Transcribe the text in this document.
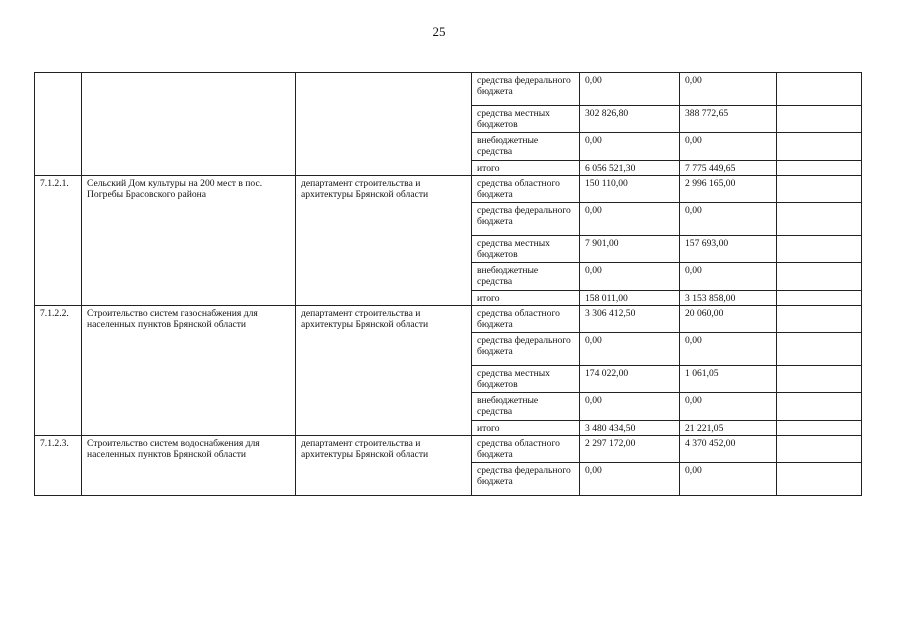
25
			средства федерального бюджета	0,00	0,00	
			средства местных бюджетов	302 826,80	388 772,65	
			внебюджетные средства	0,00	0,00	
			итого	6 056 521,30	7 775 449,65	
7.1.2.1.	Сельский Дом культуры на 200 мест в пос. Погребы Брасовского района	департамент строительства и архитектуры Брянской области	средства областного бюджета	150 110,00	2 996 165,00	
			средства федерального бюджета	0,00	0,00	
			средства местных бюджетов	7 901,00	157 693,00	
			внебюджетные средства	0,00	0,00	
			итого	158 011,00	3 153 858,00	
7.1.2.2.	Строительство систем газоснабжения для населенных пунктов Брянской области	департамент строительства и архитектуры Брянской области	средства областного бюджета	3 306 412,50	20 060,00	
			средства федерального бюджета	0,00	0,00	
			средства местных бюджетов	174 022,00	1 061,05	
			внебюджетные средства	0,00	0,00	
			итого	3 480 434,50	21 221,05	
7.1.2.3.	Строительство систем водоснабжения для населенных пунктов Брянской области	департамент строительства и архитектуры Брянской области	средства областного бюджета	2 297 172,00	4 370 452,00	
			средства федерального бюджета	0,00	0,00	
